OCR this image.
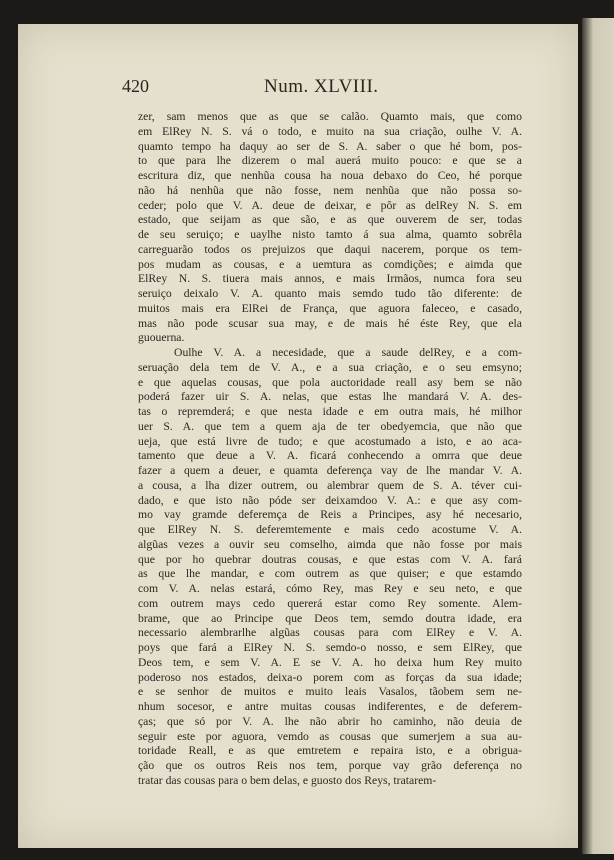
420	Num. XLVIII.
zer, sam menos que as que se calão. Quamto mais, que como
em ElRey N. S. vá o todo, e muito na sua criação, oulhe V. A.
quamto tempo ha daquy ao ser de S. A. saber o que hé bom, pos-
to que para lhe dizerem o mal auerá muito pouco: e que se a
escritura diz, que nenhũa cousa ha noua debaxo do Ceo, hé porque
não há nenhũa que não fosse, nem nenhũa que não possa so-
ceder; polo que V. A. deue de deixar, e pôr as delRey N. S. em
estado, que seijam as que são, e as que ouverem de ser, todas
de seu seruiço; e uaylhe nisto tamto á sua alma, quamto sobrêla
carreguarão todos os prejuizos que daqui nacerem, porque os tem-
pos mudam as cousas, e a uemtura as comdições; e aimda que
ElRey N. S. tiuera mais annos, e mais Irmãos, numca fora seu
seruiço deixalo V. A. quanto mais semdo tudo tão diferente: de
muitos mais era ElRei de França, que aguora faleceo, e casado,
mas não pode scusar sua may, e de mais hé éste Rey, que ela
guouerna.
Oulhe V. A. a necesidade, que a saude delRey, e a com-
seruação dela tem de V. A., e a sua criação, e o seu emsyno;
e que aquelas cousas, que pola auctoridade reall asy bem se não
poderá fazer uir S. A. nelas, que estas lhe mandará V. A. des-
tas o repremderá; e que nesta idade e em outra mais, hé milhor
uer S. A. que tem a quem aja de ter obedyemcia, que não que
ueja, que está livre de tudo; e que acostumado a isto, e ao aca-
tamento que deue a V. A. ficará conhecendo a omrra que deue
fazer a quem a deuer, e quamta deferença vay de lhe mandar V. A.
a cousa, a lha dizer outrem, ou alembrar quem de S. A. téver cui-
dado, e que isto não póde ser deixamdoo V. A.: e que asy com-
mo vay gramde deferemça de Reis a Principes, asy hé necesario,
que ElRey N. S. deferemtemente e mais cedo acostume V. A.
algũas vezes a ouvir seu comselho, aimda que não fosse por mais
que por ho quebrar doutras cousas, e que estas com V. A. fará
as que lhe mandar, e com outrem as que quiser; e que estamdo
com V. A. nelas estará, cómo Rey, mas Rey e seu neto, e que
com outrem mays cedo quererá estar como Rey somente. Alem-
brame, que ao Principe que Deos tem, semdo doutra idade, era
necessario alembrarlhe algũas cousas para com ElRey e V. A.
poys que fará a ElRey N. S. semdo-o nosso, e sem ElRey, que
Deos tem, e sem V. A. E se V. A. ho deixa hum Rey muito
poderoso nos estados, deixa-o porem com as forças da sua idade;
e se senhor de muitos e muito leais Vasalos, tãobem sem ne-
nhum socesor, e antre muitas cousas indiferentes, e de deferem-
ças; que só por V. A. lhe não abrir ho caminho, não deuia de
seguir este por aguora, vemdo as cousas que sumerjem a sua au-
toridade Reall, e as que emtretem e repaira isto, e a obriguа-
ção que os outros Reis nos tem, porque vay grão deferença no
tratar das cousas para o bem delas, e guosto dos Reys, tratarem-
